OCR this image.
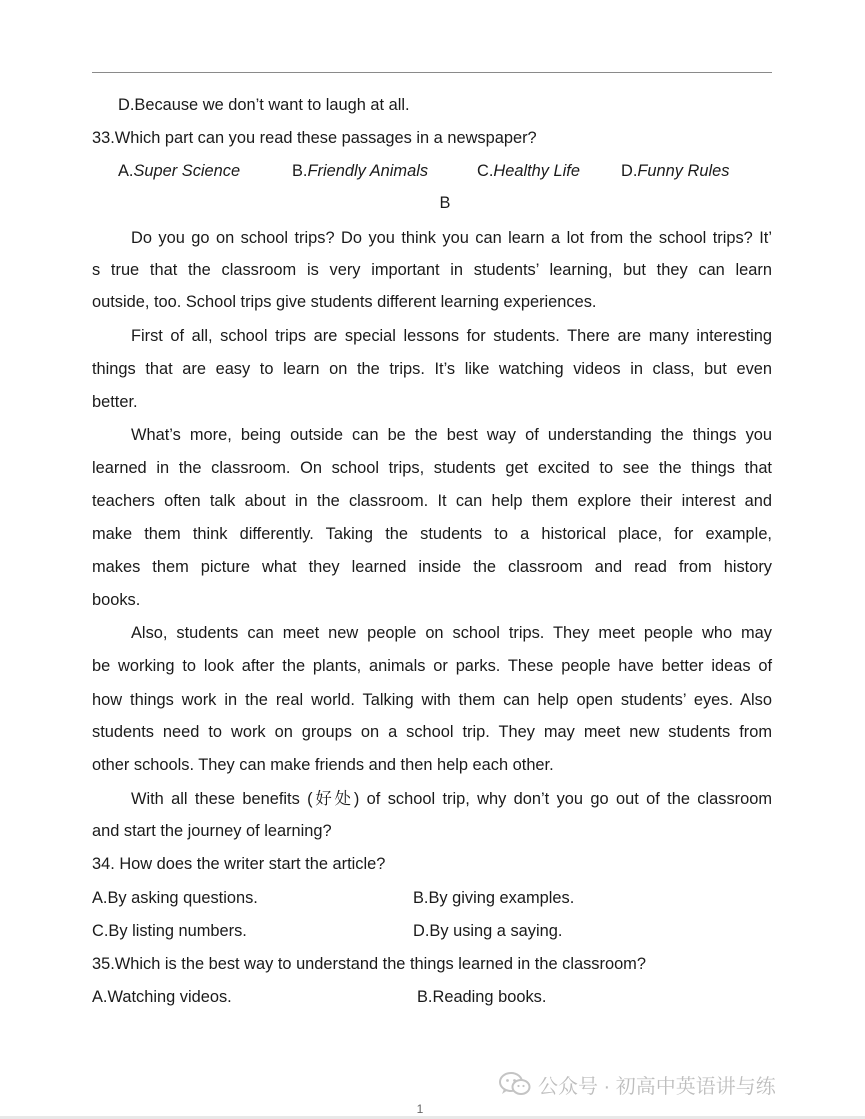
D.Because we don’t want to laugh at all.
33.Which part can you read these passages in a newspaper?
A.Super Science	B.Friendly Animals	C.Healthy Life	D.Funny Rules
B
Do you go on school trips? Do you think you can learn a lot from the school trips? It’
s true that the classroom is very important in students’ learning, but they can learn
outside, too. School trips give students different learning experiences.
First of all, school trips are special lessons for students. There are many interesting
things that are easy to learn on the trips. It’s like watching videos in class, but even
better.
What’s more, being outside can be the best way of understanding the things you
learned in the classroom. On school trips, students get excited to see the things that
teachers often talk about in the classroom. It can help them explore their interest and
make them think differently. Taking the students to a historical place, for example,
makes them picture what they learned inside the classroom and read from history
books.
Also, students can meet new people on school trips. They meet people who may
be working to look after the plants, animals or parks. These people have better ideas of
how things work in the real world. Talking with them can help open students’ eyes. Also
students need to work on groups on a school trip. They may meet new students from
other schools. They can make friends and then help each other.
With all these benefits (好处) of school trip, why don’t you go out of the classroom
and start the journey of learning?
34. How does the writer start the article?
A.By asking questions.	B.By giving examples.
C.By listing numbers.	D.By using a saying.
35.Which is the best way to understand the things learned in the classroom?
A.Watching videos.	B.Reading books.
公众号 · 初高中英语讲与练
1
